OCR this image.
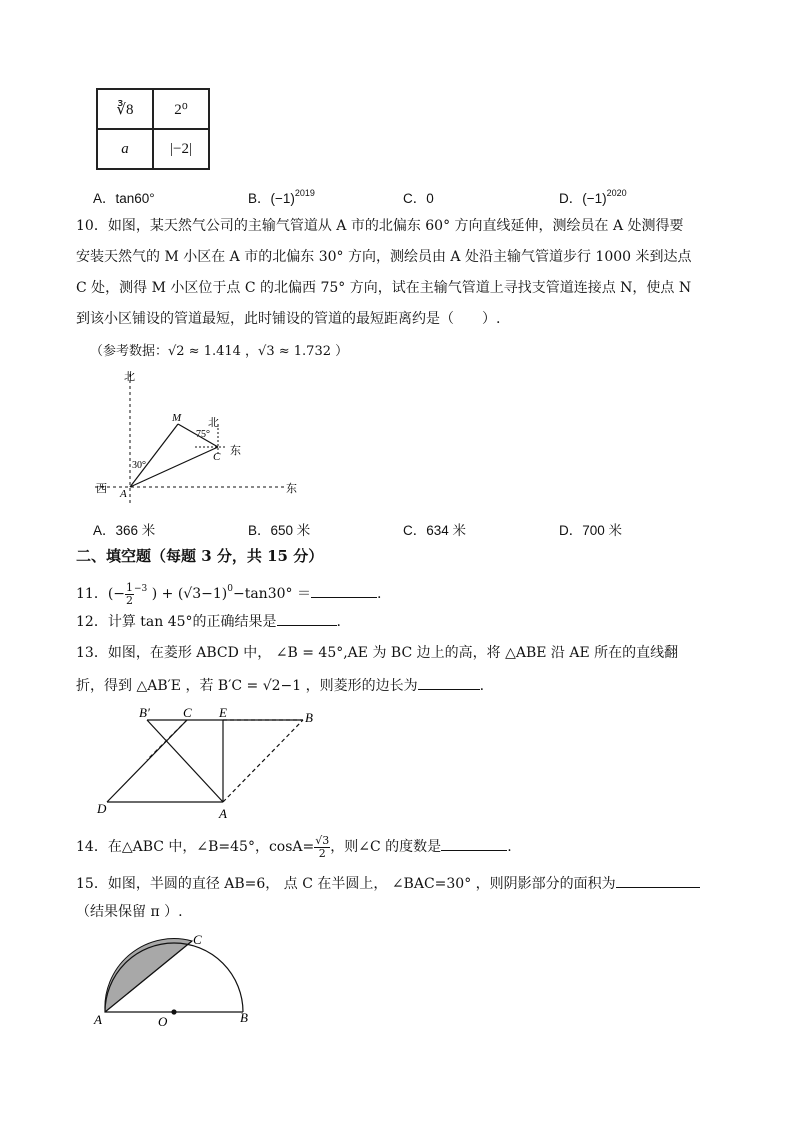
∛8	2⁰
a	|−2|
A．tan60°	B．$(-1)^{2019}$	C．0	D．$(-1)^{2020}$
10．如图，某天然气公司的主输气管道从 A 市的北偏东 60° 方向直线延伸，测绘员在 A 处测得要
安装天然气的 M 小区在 A 市的北偏东 30° 方向，测绘员由 A 处沿主输气管道步行 1000 米到达点
C 处，测得 M 小区位于点 C 的北偏西 75° 方向，试在主输气管道上寻找支管道连接点 N，使点 N
到该小区铺设的管道最短，此时铺设的管道的最短距离约是（　　）.
（参考数据：√2 ≈ 1.414 ，√3 ≈ 1.732 ）
北
北
西	东
东
M
C
A
30°
75°
A．366 米	B．650 米	C．634 米	D．700 米
二、填空题（每题 3 分，共 15 分）
11．(− $\frac{1}{2} ^{-3}$ ) + $(√3-1)^0-\tan 30^\circ$ ＝	.
12．计算 tan 45°的正确结果是	.
13．如图，在菱形 ABCD 中， ∠B = 45°,AE 为 BC 边上的高，将 △ABE 沿 AE 所在的直线翻
折，得到 △AB′E ，若 B′C = √2−1 ，则菱形的边长为	.
B′	C E	B
D	A
14．在△ABC 中，∠B=45°，$\cos A= \frac{√3}{2}$ ，则∠C 的度数是	.
15．如图，半圆的直径 AB=6， 点 C 在半圆上， ∠BAC=30° ，则阴影部分的面积为
（结果保留 π ）.
C
A	O	B
